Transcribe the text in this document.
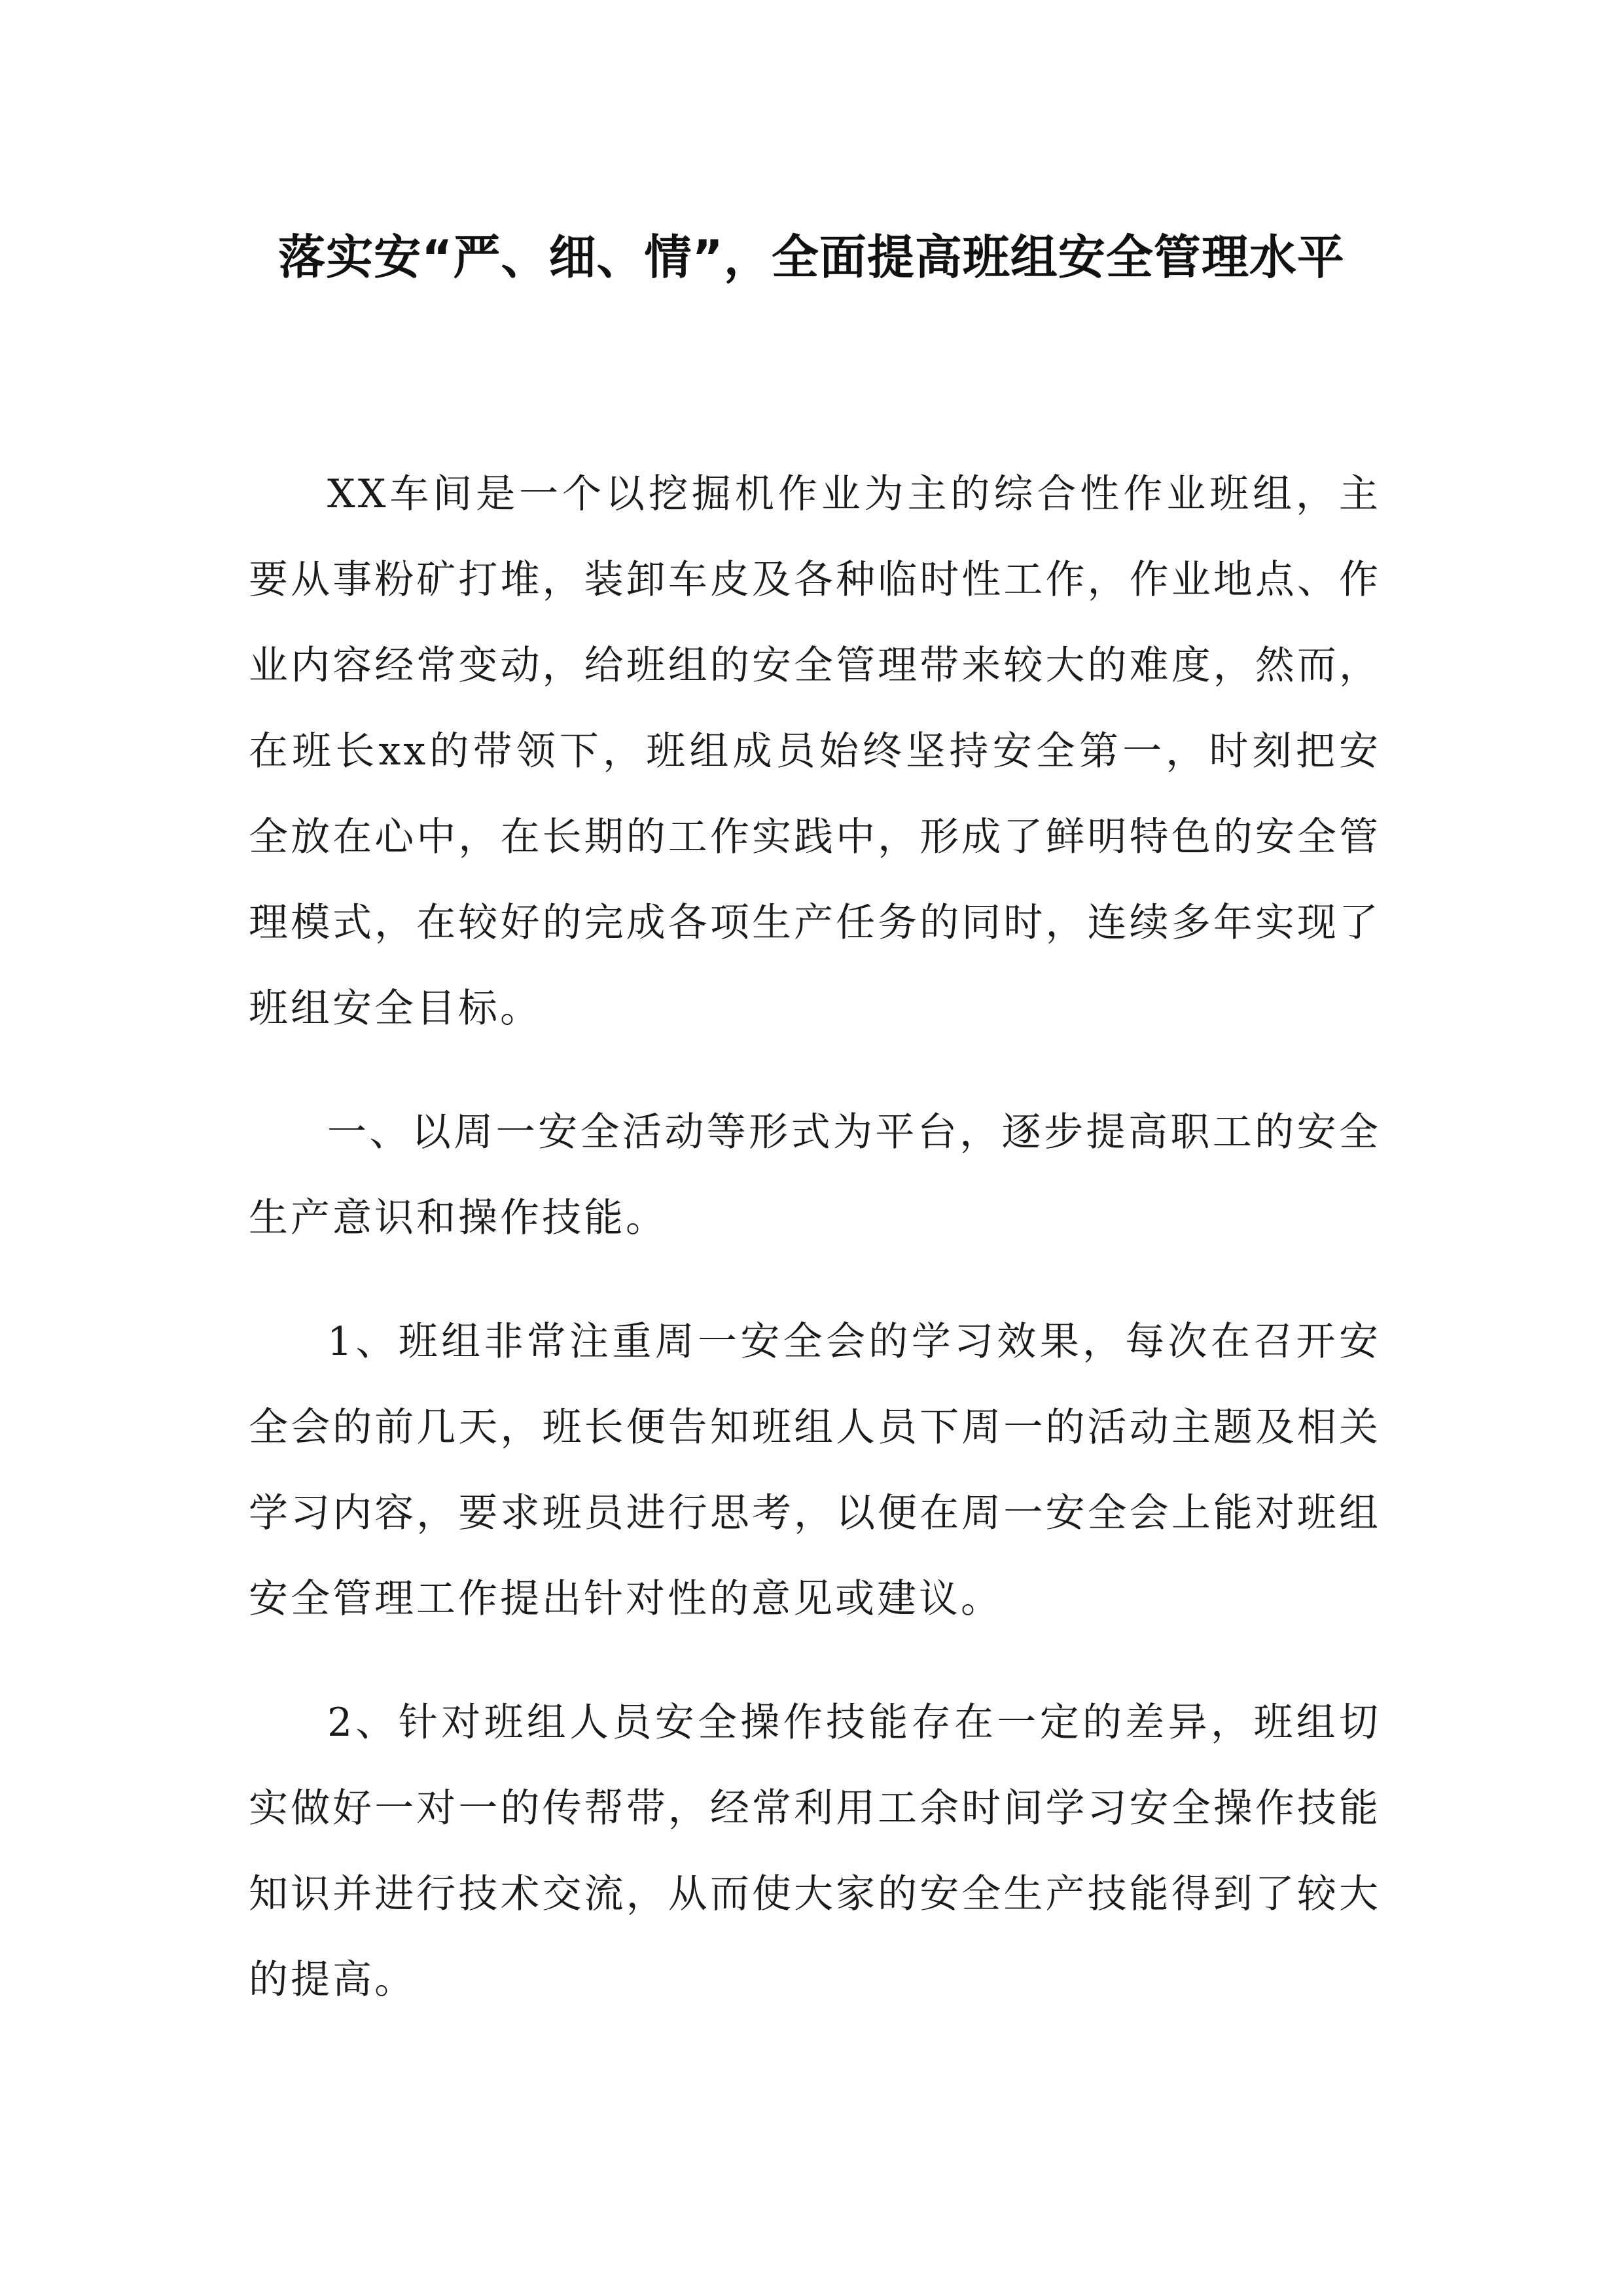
落实安“严、细、情”，全面提高班组安全管理水平

XX车间是一个以挖掘机作业为主的综合性作业班组，主要从事粉矿打堆，装卸车皮及各种临时性工作，作业地点、作业内容经常变动，给班组的安全管理带来较大的难度，然而，在班长xx的带领下，班组成员始终坚持安全第一，时刻把安全放在心中，在长期的工作实践中，形成了鲜明特色的安全管理模式，在较好的完成各项生产任务的同时，连续多年实现了班组安全目标。

一、以周一安全活动等形式为平台，逐步提高职工的安全生产意识和操作技能。

1、班组非常注重周一安全会的学习效果，每次在召开安全会的前几天，班长便告知班组人员下周一的活动主题及相关学习内容，要求班员进行思考，以便在周一安全会上能对班组安全管理工作提出针对性的意见或建议。

2、针对班组人员安全操作技能存在一定的差异，班组切实做好一对一的传帮带，经常利用工余时间学习安全操作技能知识并进行技术交流，从而使大家的安全生产技能得到了较大的提高。
